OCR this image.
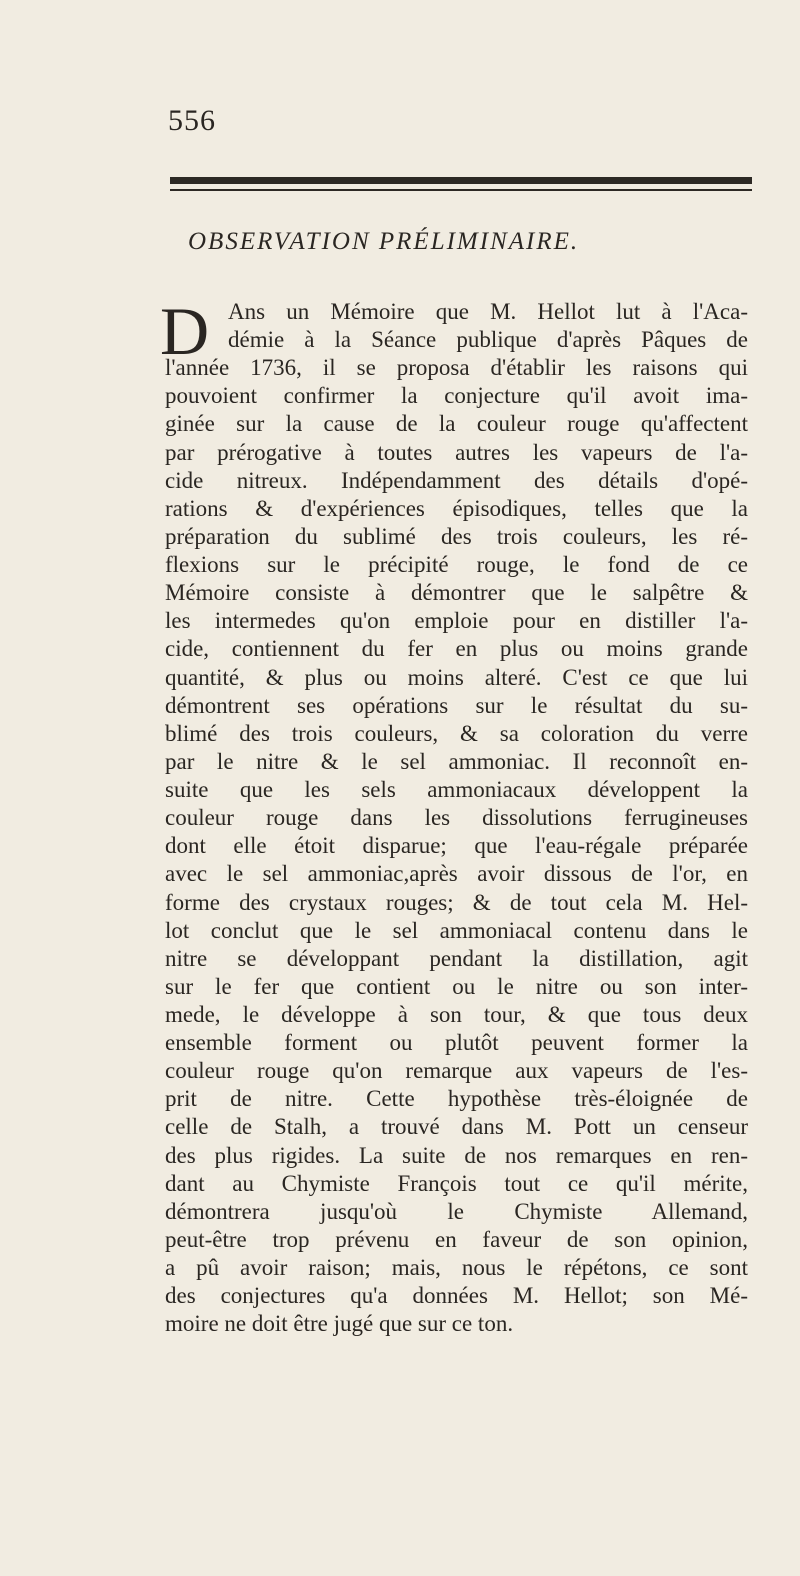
556
OBSERVATION PRÉLIMINAIRE.
D Ans un Mémoire que M. Hellot lut à l'Aca-
démie à la Séance publique d'après Pâques de
l'année 1736, il se proposa d'établir les raisons qui
pouvoient confirmer la conjecture qu'il avoit ima-
ginée sur la cause de la couleur rouge qu'affectent
par prérogative à toutes autres les vapeurs de l'a-
cide nitreux. Indépendamment des détails d'opé-
rations & d'expériences épisodiques, telles que la
préparation du sublimé des trois couleurs, les ré-
flexions sur le précipité rouge, le fond de ce
Mémoire consiste à démontrer que le salpêtre &
les intermedes qu'on emploie pour en distiller l'a-
cide, contiennent du fer en plus ou moins grande
quantité, & plus ou moins alteré. C'est ce que lui
démontrent ses opérations sur le résultat du su-
blimé des trois couleurs, & sa coloration du verre
par le nitre & le sel ammoniac. Il reconnoît en-
suite que les sels ammoniacaux développent la
couleur rouge dans les dissolutions ferrugineuses
dont elle étoit disparue; que l'eau-régale préparée
avec le sel ammoniac,après avoir dissous de l'or, en
forme des crystaux rouges; & de tout cela M. Hel-
lot conclut que le sel ammoniacal contenu dans le
nitre se développant pendant la distillation, agit
sur le fer que contient ou le nitre ou son inter-
mede, le développe à son tour, & que tous deux
ensemble forment ou plutôt peuvent former la
couleur rouge qu'on remarque aux vapeurs de l'es-
prit de nitre. Cette hypothèse très-éloignée de
celle de Stalh, a trouvé dans M. Pott un censeur
des plus rigides. La suite de nos remarques en ren-
dant au Chymiste François tout ce qu'il mérite,
démontrera jusqu'où le Chymiste Allemand,
peut-être trop prévenu en faveur de son opinion,
a pû avoir raison; mais, nous le répétons, ce sont
des conjectures qu'a données M. Hellot; son Mé-
moire ne doit être jugé que sur ce ton.
